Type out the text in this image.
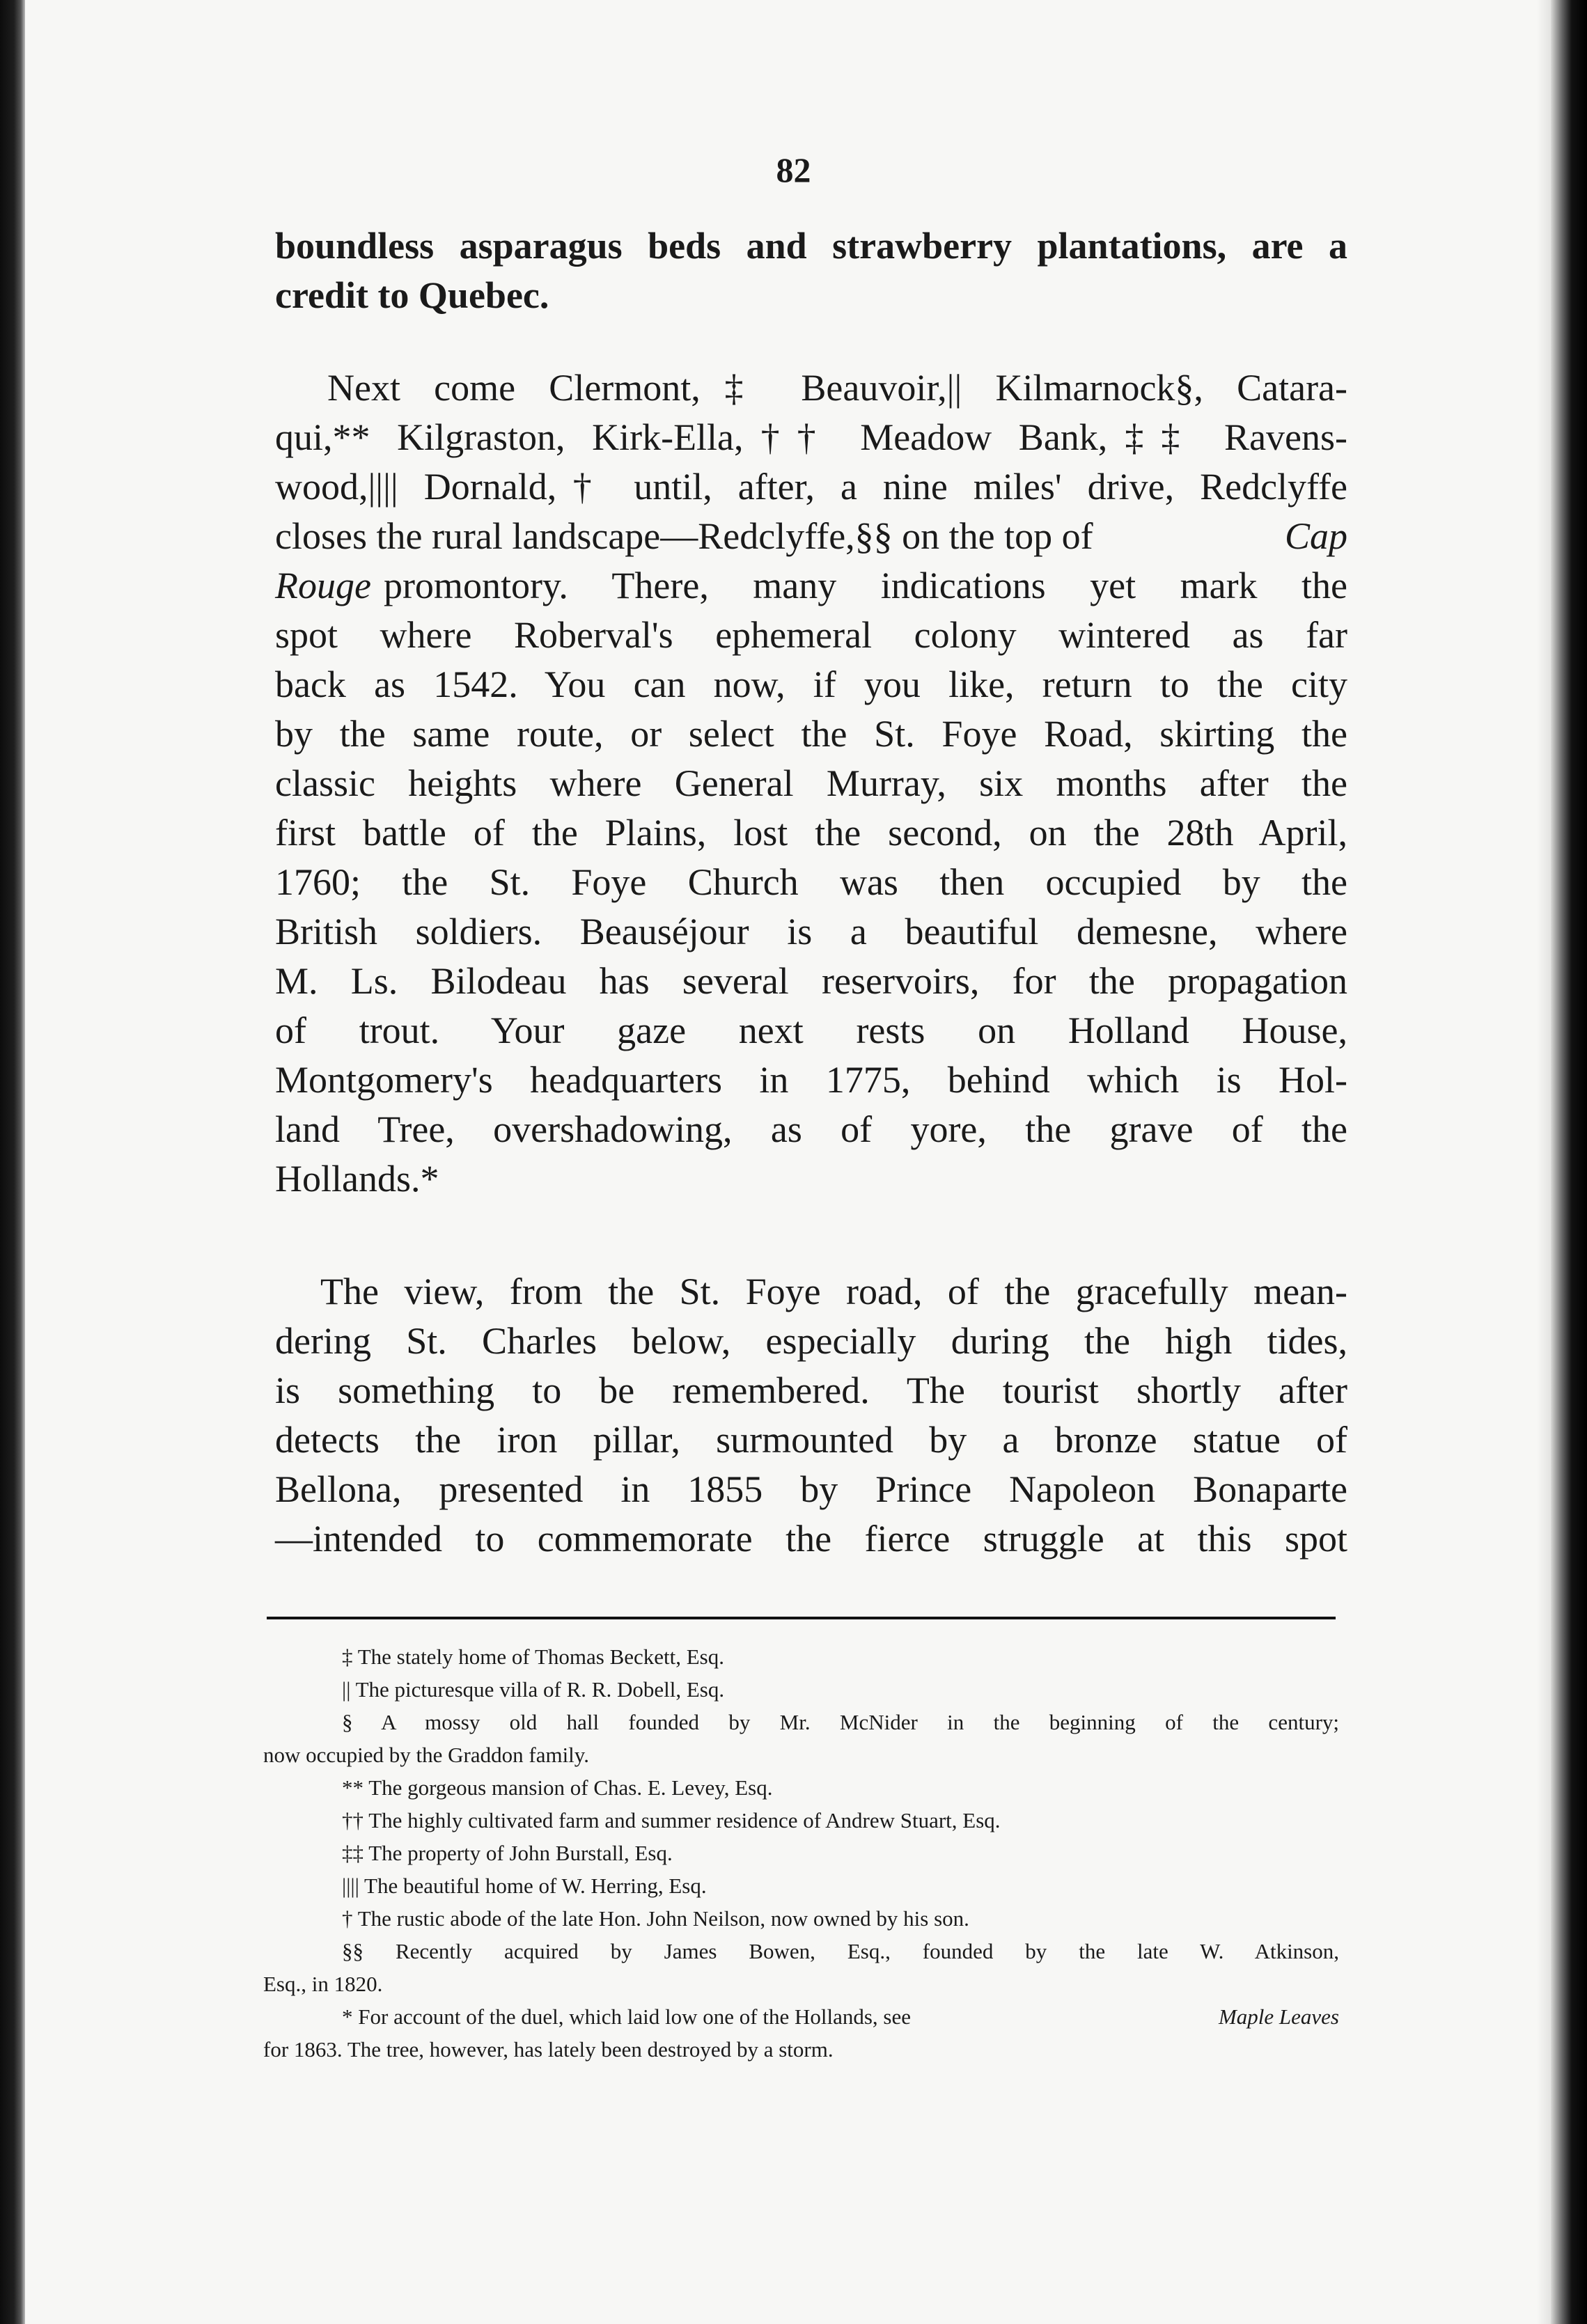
82
boundless asparagus beds and strawberry plantations, are a
credit to Quebec.
Next come Clermont,‡ Beauvoir,|| Kilmarnock§, Catara-
qui,** Kilgraston, Kirk-Ella,†† Meadow Bank,‡‡ Ravens-
wood,|||| Dornald,† until, after, a nine miles' drive, Redclyffe
closes the rural landscape—Redclyffe,§§ on the top of	Cap
Rouge promontory. There, many indications yet mark the
spot where Roberval's ephemeral colony wintered as far
back as 1542. You can now, if you like, return to the city
by the same route, or select the St. Foye Road, skirting the
classic heights where General Murray, six months after the
first battle of the Plains, lost the second, on the 28th April,
1760; the St. Foye Church was then occupied by the
British soldiers. Beauséjour is a beautiful demesne, where
M. Ls. Bilodeau has several reservoirs, for the propagation
of trout. Your gaze next rests on Holland House,
Montgomery's headquarters in 1775, behind which is Hol-
land Tree, overshadowing, as of yore, the grave of the
Hollands.*
The view, from the St. Foye road, of the gracefully mean-
dering St. Charles below, especially during the high tides,
is something to be remembered. The tourist shortly after
detects the iron pillar, surmounted by a bronze statue of
Bellona, presented in 1855 by Prince Napoleon Bonaparte
—intended to commemorate the fierce struggle at this spot
‡ The stately home of Thomas Beckett, Esq.
|| The picturesque villa of R. R. Dobell, Esq.
§ A mossy old hall founded by Mr. McNider in the beginning of the century;
now occupied by the Graddon family.
** The gorgeous mansion of Chas. E. Levey, Esq.
†† The highly cultivated farm and summer residence of Andrew Stuart, Esq.
‡‡ The property of John Burstall, Esq.
|||| The beautiful home of W. Herring, Esq.
† The rustic abode of the late Hon. John Neilson, now owned by his son.
§§ Recently acquired by James Bowen, Esq., founded by the late W. Atkinson,
Esq., in 1820.
* For account of the duel, which laid low one of the Hollands, see	Maple Leaves
for 1863. The tree, however, has lately been destroyed by a storm.
